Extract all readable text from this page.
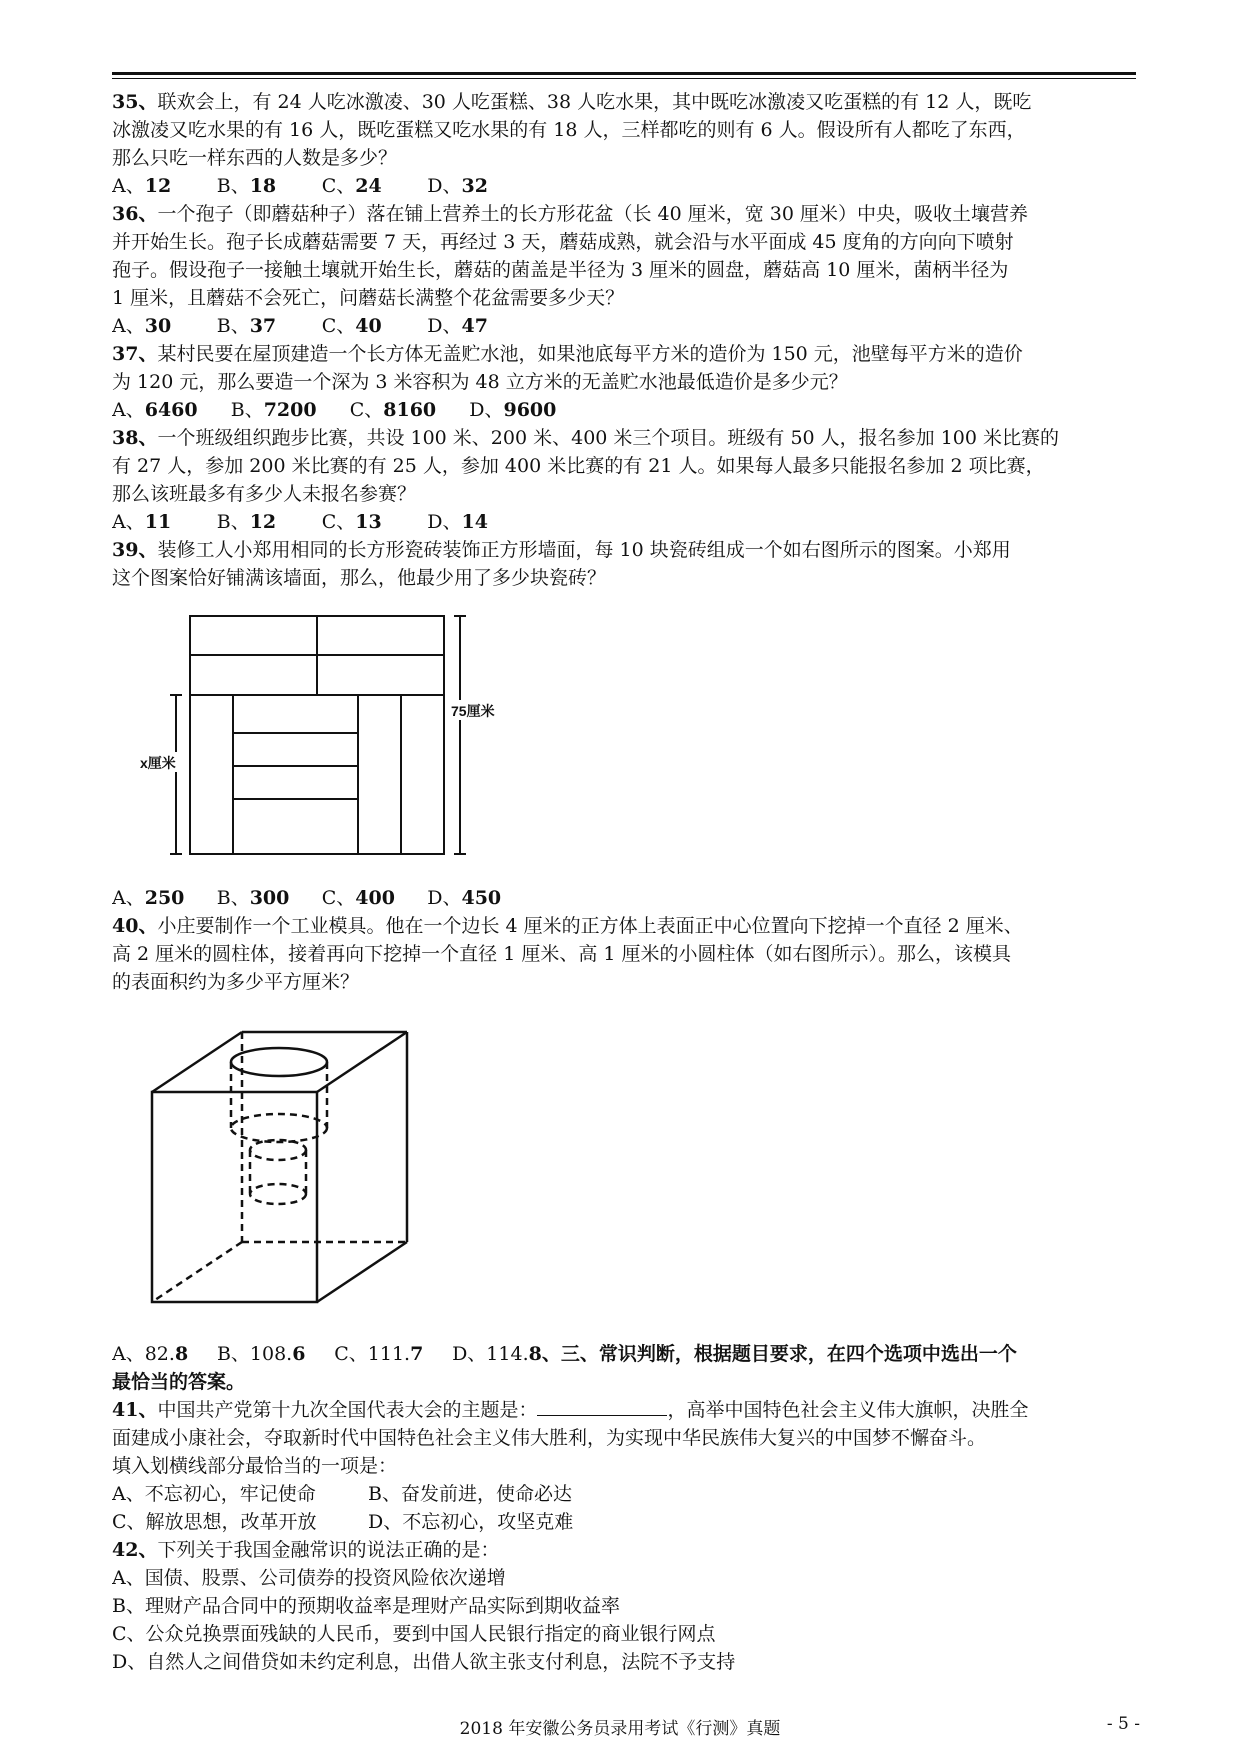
35、联欢会上，有 24 人吃冰激凌、30 人吃蛋糕、38 人吃水果，其中既吃冰激凌又吃蛋糕的有 12 人，既吃
冰激凌又吃水果的有 16 人，既吃蛋糕又吃水果的有 18 人，三样都吃的则有 6 人。假设所有人都吃了东西，
那么只吃一样东西的人数是多少？
A、12 B、18 C、24 D、32
36、一个孢子（即蘑菇种子）落在铺上营养土的长方形花盆（长 40 厘米，宽 30 厘米）中央，吸收土壤营养
并开始生长。孢子长成蘑菇需要 7 天，再经过 3 天，蘑菇成熟，就会沿与水平面成 45 度角的方向向下喷射
孢子。假设孢子一接触土壤就开始生长，蘑菇的菌盖是半径为 3 厘米的圆盘，蘑菇高 10 厘米，菌柄半径为
1 厘米，且蘑菇不会死亡，问蘑菇长满整个花盆需要多少天？
A、30 B、37 C、40 D、47
37、某村民要在屋顶建造一个长方体无盖贮水池，如果池底每平方米的造价为 150 元，池壁每平方米的造价
为 120 元，那么要造一个深为 3 米容积为 48 立方米的无盖贮水池最低造价是多少元？
A、6460 B、7200 C、8160 D、9600
38、一个班级组织跑步比赛，共设 100 米、200 米、400 米三个项目。班级有 50 人，报名参加 100 米比赛的
有 27 人，参加 200 米比赛的有 25 人，参加 400 米比赛的有 21 人。如果每人最多只能报名参加 2 项比赛，
那么该班最多有多少人未报名参赛？
A、11 B、12 C、13 D、14
39、装修工人小郑用相同的长方形瓷砖装饰正方形墙面，每 10 块瓷砖组成一个如右图所示的图案。小郑用
这个图案恰好铺满该墙面，那么，他最少用了多少块瓷砖？
x厘米
75厘米
A、250 B、300 C、400 D、450
40、小庄要制作一个工业模具。他在一个边长 4 厘米的正方体上表面正中心位置向下挖掉一个直径 2 厘米、
高 2 厘米的圆柱体，接着再向下挖掉一个直径 1 厘米、高 1 厘米的小圆柱体（如右图所示）。那么，该模具
的表面积约为多少平方厘米？
A、82.8 B、108.6 C、111.7 D、114.8、三、常识判断，根据题目要求，在四个选项中选出一个
最恰当的答案。
41、中国共产党第十九次全国代表大会的主题是：	，高举中国特色社会主义伟大旗帜，决胜全
面建成小康社会，夺取新时代中国特色社会主义伟大胜利，为实现中华民族伟大复兴的中国梦不懈奋斗。
填入划横线部分最恰当的一项是：
A、不忘初心，牢记使命	B、奋发前进，使命必达
C、解放思想，改革开放	D、不忘初心，攻坚克难
42、下列关于我国金融常识的说法正确的是：
A、国债、股票、公司债券的投资风险依次递增
B、理财产品合同中的预期收益率是理财产品实际到期收益率
C、公众兑换票面残缺的人民币，要到中国人民银行指定的商业银行网点
D、自然人之间借贷如未约定利息，出借人欲主张支付利息，法院不予支持
2018 年安徽公务员录用考试《行测》真题	- 5 -
